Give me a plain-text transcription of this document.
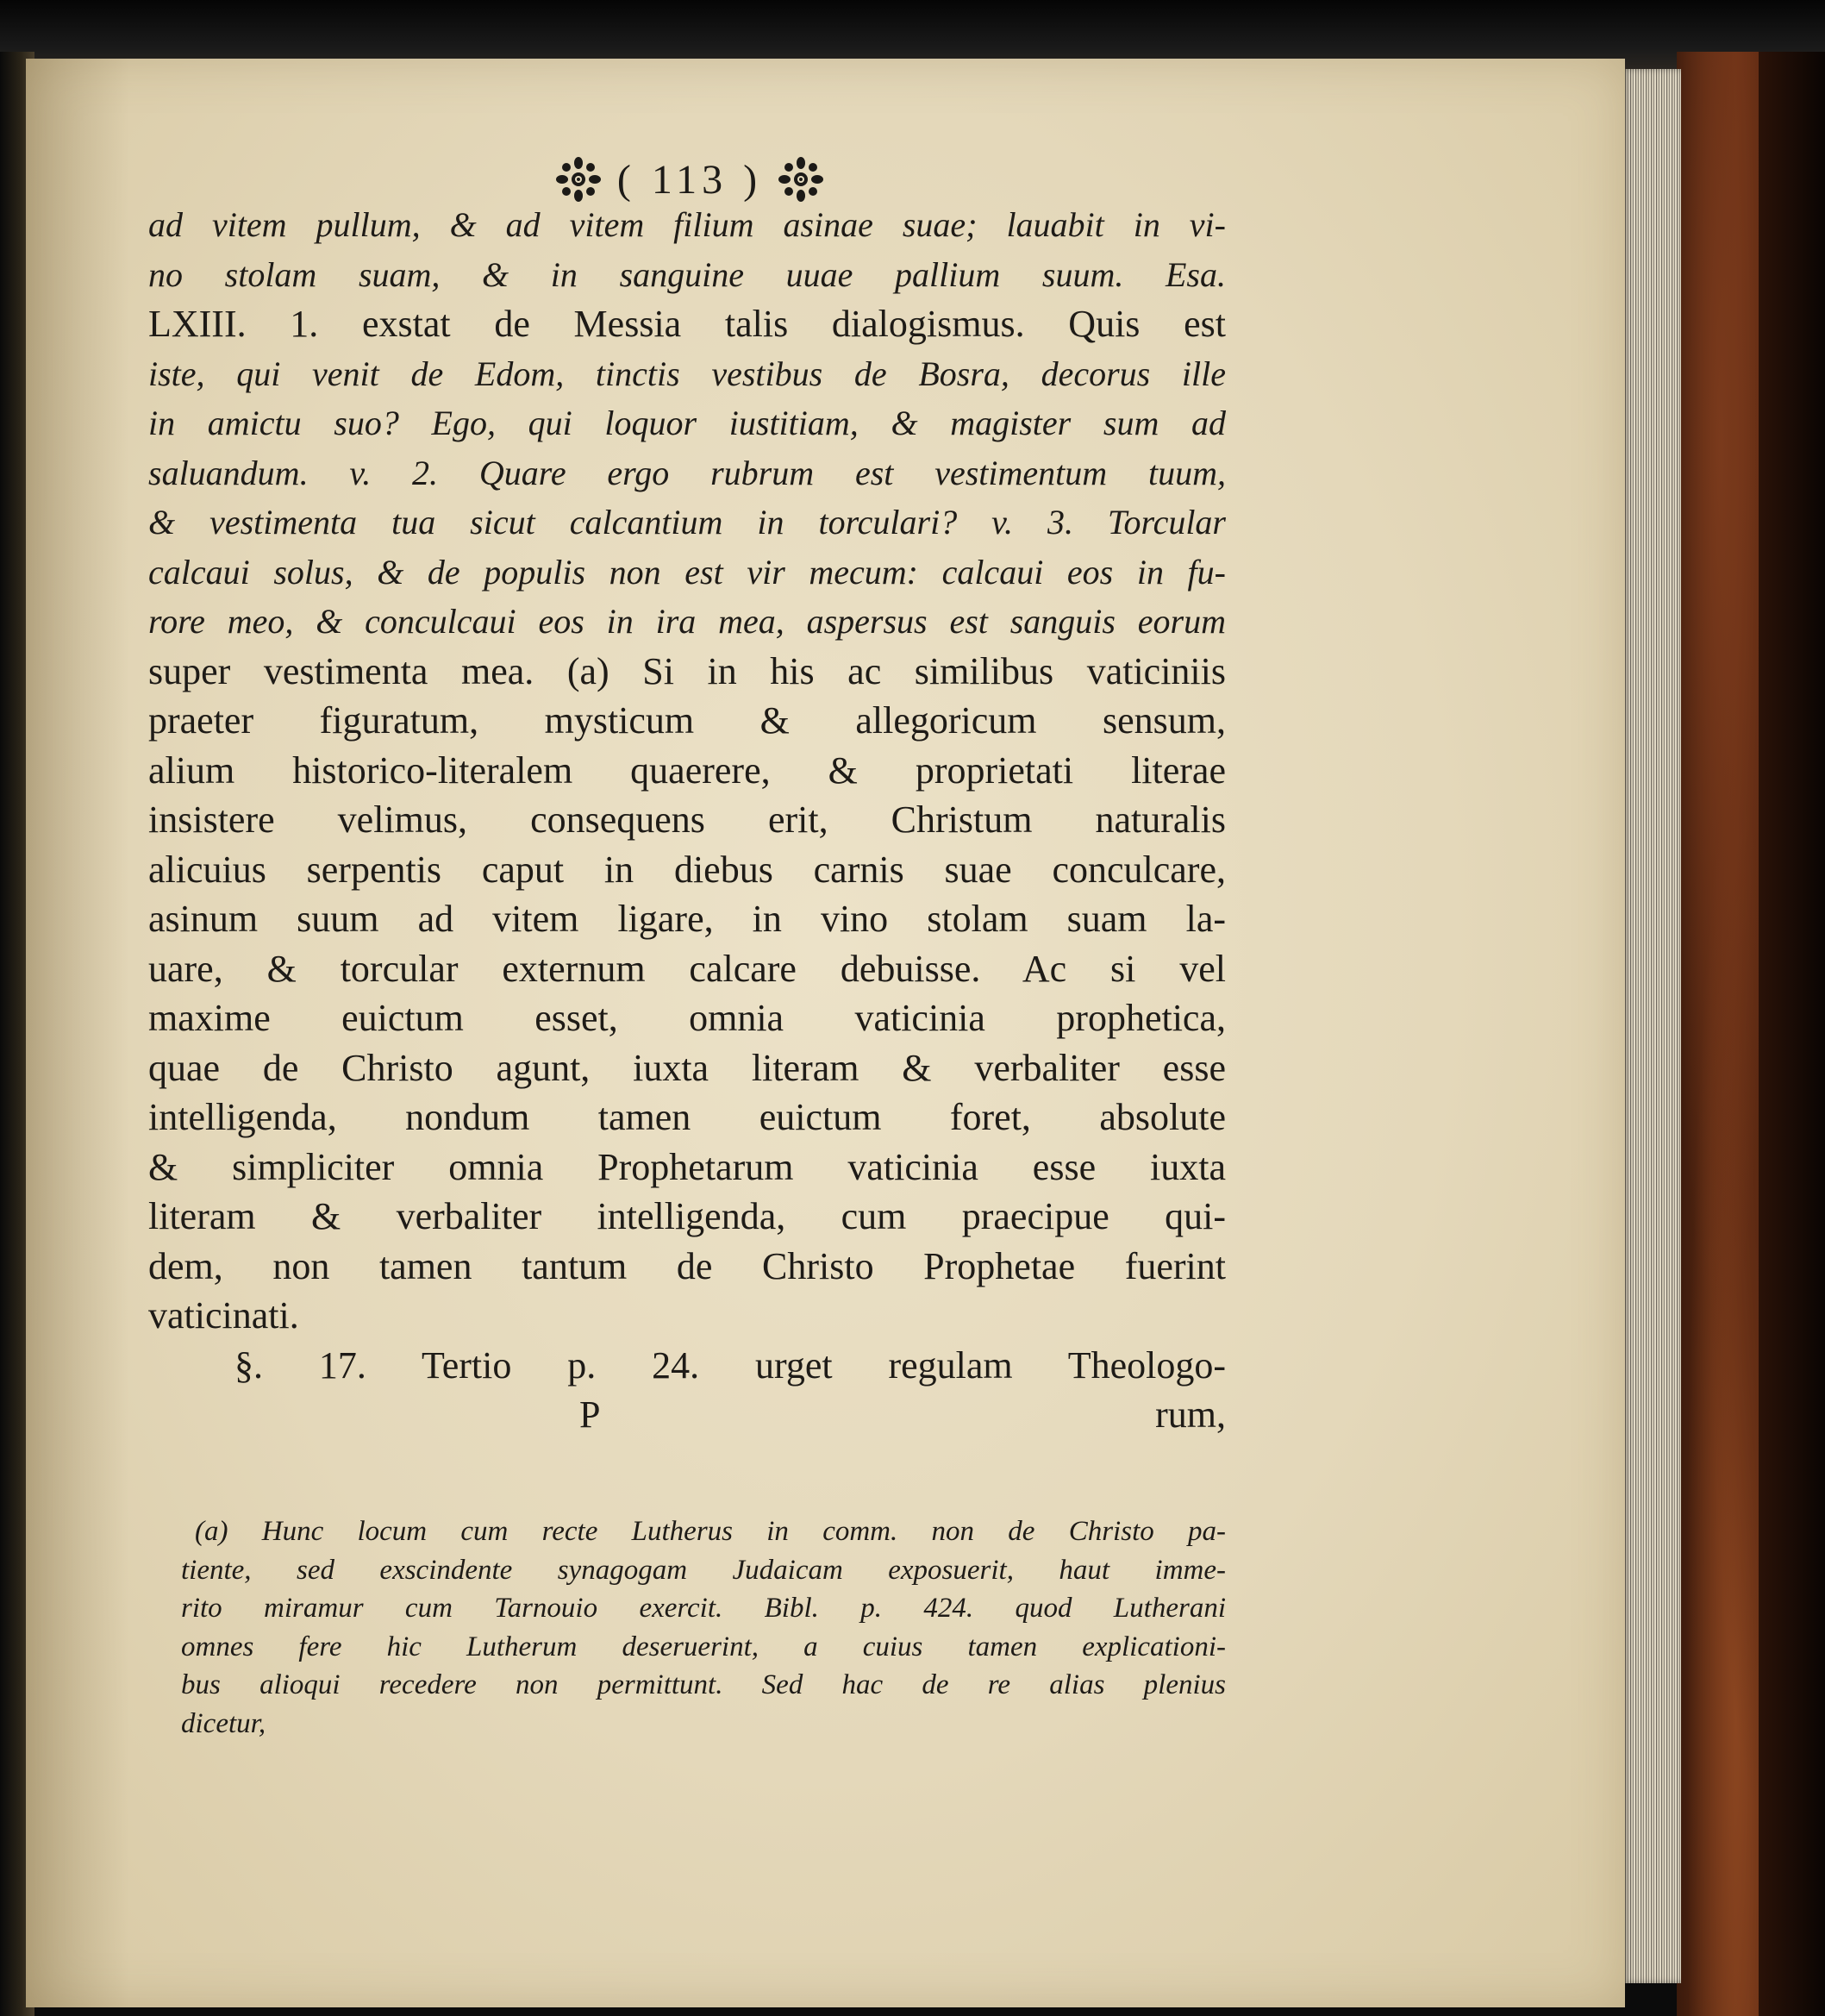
( 113 )
ad vitem pullum, & ad vitem filium asinae suae; lauabit in vi-
no stolam suam, & in sanguine uuae pallium suum. Esa.
LXIII. 1. exstat de Messia talis dialogismus. Quis est
iste, qui venit de Edom, tinctis vestibus de Bosra, decorus ille
in amictu suo? Ego, qui loquor iustitiam, & magister sum ad
saluandum. v. 2. Quare ergo rubrum est vestimentum tuum,
& vestimenta tua sicut calcantium in torculari? v. 3. Torcular
calcaui solus, & de populis non est vir mecum: calcaui eos in fu-
rore meo, & conculcaui eos in ira mea, aspersus est sanguis eorum
super vestimenta mea. (a) Si in his ac similibus vaticiniis
praeter figuratum, mysticum & allegoricum sensum,
alium historico-literalem quaerere, & proprietati literae
insistere velimus, consequens erit, Christum naturalis
alicuius serpentis caput in diebus carnis suae conculcare,
asinum suum ad vitem ligare, in vino stolam suam la-
uare, & torcular externum calcare debuisse. Ac si vel
maxime euictum esset, omnia vaticinia prophetica,
quae de Christo agunt, iuxta literam & verbaliter esse
intelligenda, nondum tamen euictum foret, absolute
& simpliciter omnia Prophetarum vaticinia esse iuxta
literam & verbaliter intelligenda, cum praecipue qui-
dem, non tamen tantum de Christo Prophetae fuerint
vaticinati.
§. 17. Tertio p. 24. urget regulam Theologo-
P	rum,
(a) Hunc locum cum recte Lutherus in comm. non de Christo pa-
tiente, sed exscindente synagogam Judaicam exposuerit, haut imme-
rito miramur cum Tarnouio exercit. Bibl. p. 424. quod Lutherani
omnes fere hic Lutherum deseruerint, a cuius tamen explicationi-
bus alioqui recedere non permittunt. Sed hac de re alias plenius
dicetur,
